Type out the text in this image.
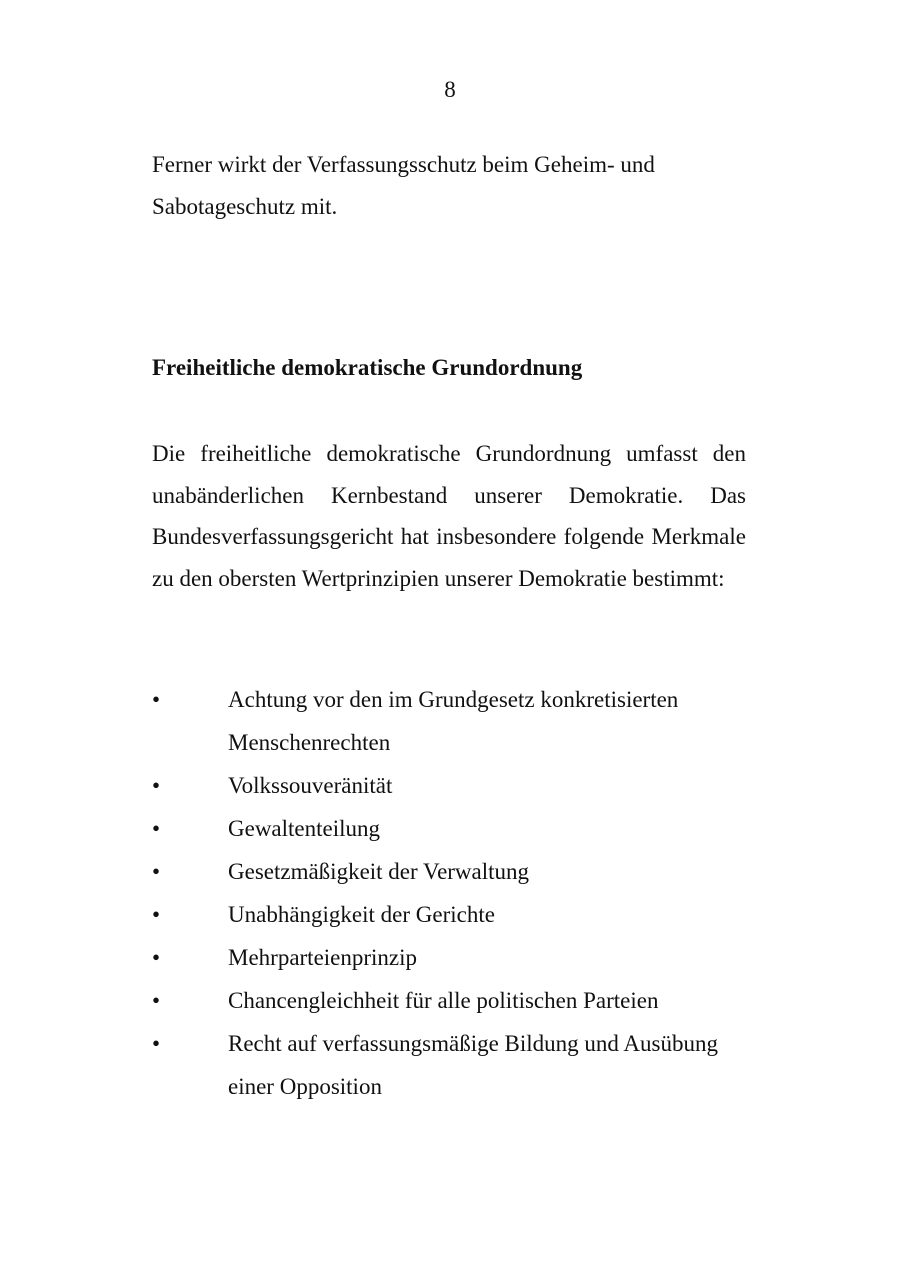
8

Ferner wirkt der Verfassungsschutz beim Geheim- und Sabotageschutz mit.

Freiheitliche demokratische Grundordnung

Die freiheitliche demokratische Grundordnung umfasst den unabänderlichen Kernbestand unserer Demokratie. Das Bundesverfassungsgericht hat insbesondere folgende Merkmale zu den obersten Wertprinzipien unserer Demokratie bestimmt:

•	Achtung vor den im Grundgesetz konkretisierten Menschenrechten
•	Volkssouveränität
•	Gewaltenteilung
•	Gesetzmäßigkeit der Verwaltung
•	Unabhängigkeit der Gerichte
•	Mehrparteienprinzip
•	Chancengleichheit für alle politischen Parteien
•	Recht auf verfassungsmäßige Bildung und Ausübung einer Opposition
